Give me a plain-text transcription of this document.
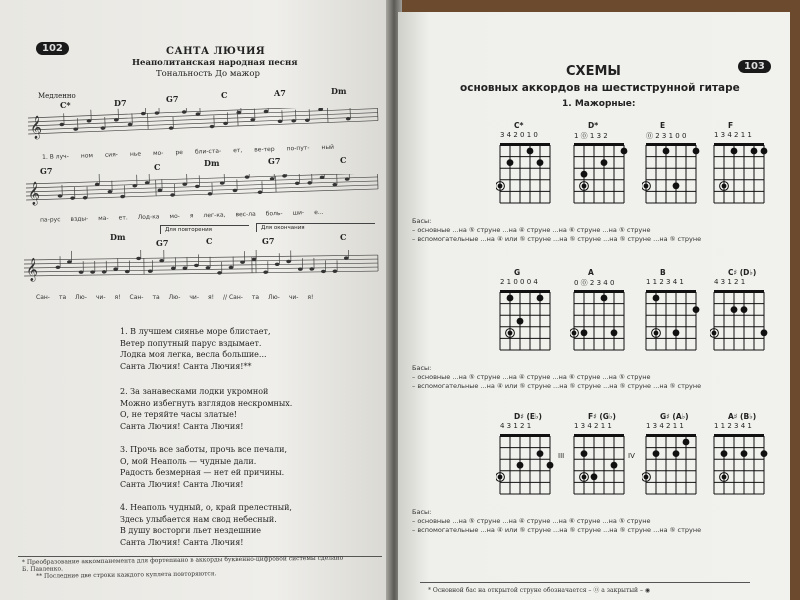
102	САНТА ЛЮЧИЯ
Неаполитанская народная песня
Тональность До мажор
Медленно
C*	D7	G7	C	A7	Dm
𝄞
1. В луч- ном сия- нье мо- ре бли-ста- ет, ве-тер по-пут- ный
G7	C	Dm	G7	C
𝄞
па-рус взды- ма- ет. Лод-ка мо- я лег-ка, вес-ла боль- ши- е...
Dm
G7	C	G7	C
Для повторения	Для окончания
𝄞
Сан- та Лю- чи- я! Сан- та Лю- чи- я! // Сан- та Лю- чи- я!
1. В лучшем сиянье море блистает,
Ветер попутный парус вздымает.
Лодка моя легка, весла большие...
Санта Лючия! Санта Лючия!**
2. За занавесками лодки укромной
Можно избегнуть взглядов нескромных.
О, не теряйте часы златые!
Санта Лючия! Санта Лючия!
3. Прочь все заботы, прочь все печали,
О, мой Неаполь — чудные дали.
Радость безмерная — нет ей причины.
Санта Лючия! Санта Лючия!
4. Неаполь чудный, о, край прелестный,
Здесь улыбается нам свод небесный.
В душу восторги льет нездешние
Санта Лючия! Санта Лючия!
* Преобразование аккомпанемента для фортепиано в аккорды буквенно-цифровой системы сделано
Б. Павленко.
** Последние две строки каждого куплета повторяются.
103
СХЕМЫ
основных аккордов на шестиструнной гитаре
1. Мажорные:
C*
3 4 2 0 1 0
D*
1 ⓪ 1 3 2
E
⓪ 2 3 1 0 0
F
1 3 4 2 1 1
Басы:
– основные ...на ⑤ струне ...на ④ струне ...на ⑥ струне ...на ⑤ струне
– вспомогательные ...на ④ или ⑤ струне ...на ⑤ струне ...на ⑤ струне ...на ⑤ струне
G
2 1 0 0 0 4
A
0 ⓪ 2 3 4 0
B
1 1 2 3 4 1
C♯ (D♭)
4 3 1 2 1
Басы:
– основные ...на ⑤ струне ...на ④ струне ...на ⑥ струне ...на ⑤ струне
– вспомогательные ...на ④ или ⑤ струне ...на ⑤ струне ...на ⑤ струне ...на ⑤ струне
D♯ (E♭)
4 3 1 2 1
III
F♯ (G♭)
1 3 4 2 1 1
G♯ (A♭)
1 3 4 2 1 1
IV
A♯ (B♭)
1 1 2 3 4 1
Басы:
– основные ...на ⑤ струне ...на ④ струне ...на ⑥ струне ...на ⑤ струне
– вспомогательные ...на ④ или ⑤ струне ...на ⑤ струне ...на ⑤ струне ...на ⑤ струне
* Основной бас на открытой струне обозначается – ⓪ а закрытый – ◉
